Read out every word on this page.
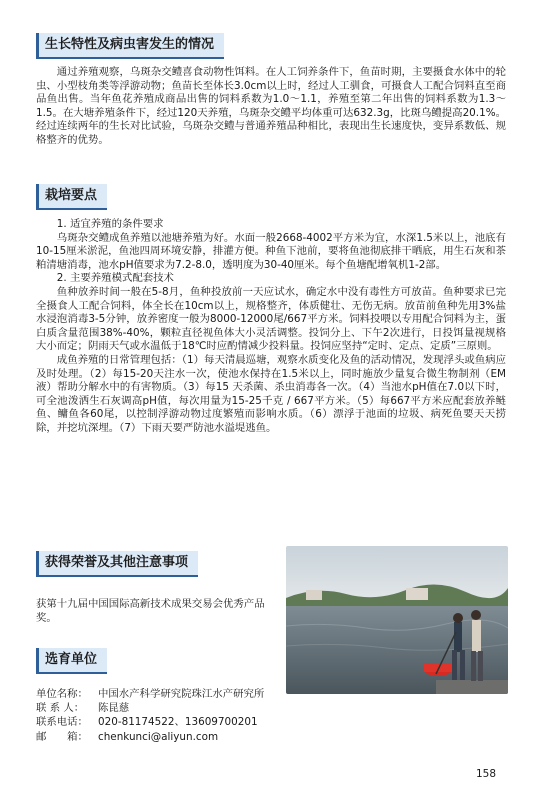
生长特性及病虫害发生的情况

通过养殖观察，乌斑杂交鳢喜食动物性饵料。在人工饲养条件下，鱼苗时期，主要摄食水体中的轮虫、小型枝角类等浮游动物；鱼苗长至体长3.0cm以上时，经过人工驯食，可摄食人工配合饲料直至商品鱼出售。当年鱼花养殖成商品出售的饲料系数为1.0～1.1，养殖至第二年出售的饲料系数为1.3～1.5。在大塘养殖条件下，经过120天养殖，乌斑杂交鳢平均体重可达632.3g，比斑乌鳢提高20.1%。经过连续两年的生长对比试验，乌斑杂交鳢与普通养殖品种相比，表现出生长速度快，变异系数低、规格整齐的优势。

栽培要点

1. 适宜养殖的条件要求

乌斑杂交鳢成鱼养殖以池塘养殖为好。水面一般2668-4002平方米为宜，水深1.5米以上，池底有10-15厘米淤泥，鱼池四周环境安静，排灌方便。种鱼下池前，要将鱼池彻底排干晒底，用生石灰和茶粕清塘消毒，池水pH值要求为7.2-8.0，透明度为30-40厘米。每个鱼塘配增氧机1-2部。

2. 主要养殖模式配套技术

鱼种放养时间一般在5-8月，鱼种投放前一天应试水，确定水中没有毒性方可放苗。鱼种要求已完全摄食人工配合饲料，体全长在10cm以上，规格整齐，体质健壮、无伤无病。放苗前鱼种先用3%盐水浸泡消毒3-5分钟，放养密度一般为8000-12000尾/667平方米。饲料投喂以专用配合饲料为主，蛋白质含量范围38%-40%，颗粒直径视鱼体大小灵活调整。投饲分上、下午2次进行，日投饵量视规格大小而定；阴雨天气或水温低于18℃时应酌情减少投料量。投饲应坚持“定时、定点、定质”三原则。

成鱼养殖的日常管理包括：（1）每天清晨巡塘，观察水质变化及鱼的活动情况，发现浮头或鱼病应及时处理。（2）每15-20天注水一次，使池水保持在1.5米以上，同时施放少量复合微生物制剂（EM液）帮助分解水中的有害物质。（3）每15 天杀菌、杀虫消毒各一次。（4）当池水pH值在7.0以下时，可全池泼洒生石灰调高pH值，每次用量为15-25千克 / 667平方米。（5）每667平方米应配套放养鲢鱼、鳙鱼各60尾，以控制浮游动物过度繁殖而影响水质。（6）漂浮于池面的垃圾、病死鱼要天天捞除，并挖坑深埋。（7）下雨天要严防池水溢堤逃鱼。

获得荣誉及其他注意事项

获第十九届中国国际高新技术成果交易会优秀产品奖。

选育单位
单位名称： 中国水产科学研究院珠江水产研究所
联 系 人：	陈昆慈
联系电话： 020-81174522、13609700201
邮　　箱： chenkunci@aliyun.com
158
